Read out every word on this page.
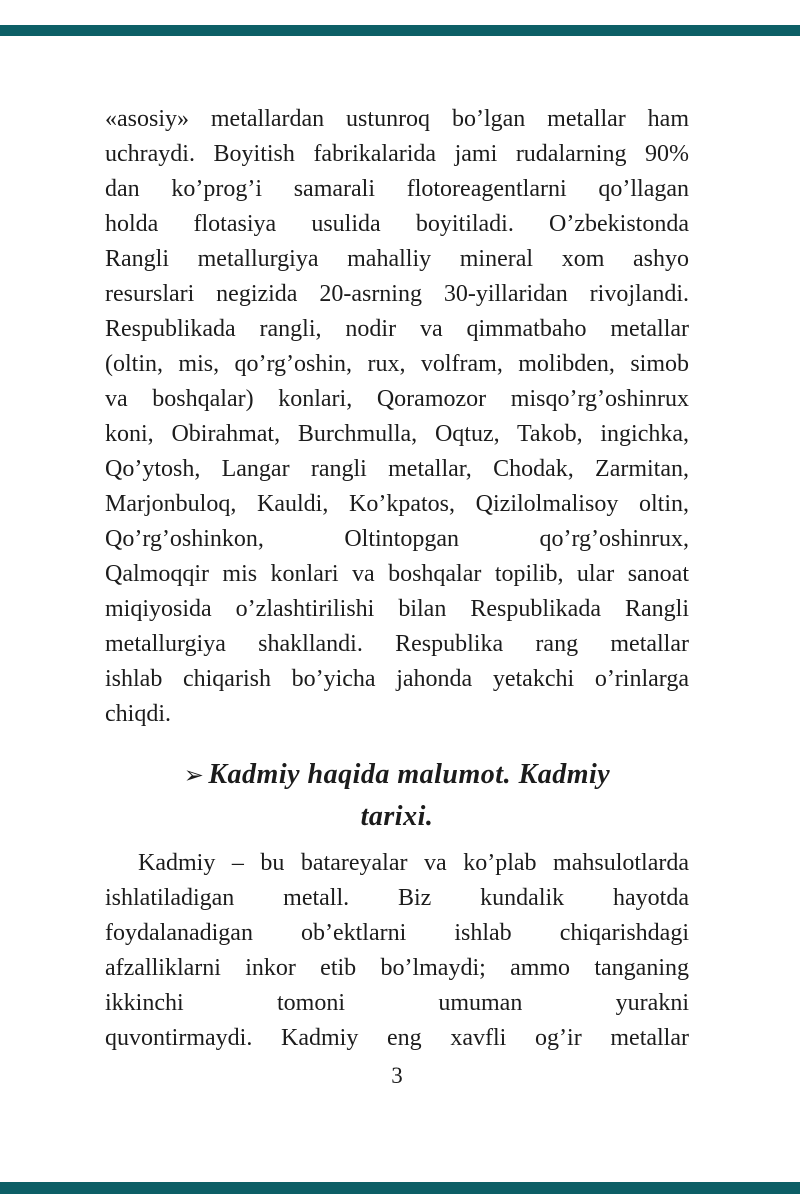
«asosiy» metallardan ustunroq bo’lgan metallar ham
uchraydi. Boyitish fabrikalarida jami rudalarning 90%
dan ko’prog’i samarali flotoreagentlarni qo’llagan
holda flotasiya usulida boyitiladi. O’zbekistonda
Rangli metallurgiya mahalliy mineral xom ashyo
resurslari negizida 20-asrning 30-yillaridan rivojlandi.
Respublikada rangli, nodir va qimmatbaho metallar
(oltin, mis, qo’rg’oshin, rux, volfram, molibden, simob
va boshqalar) konlari, Qoramozor misqo’rg’oshinrux
koni, Obirahmat, Burchmulla, Oqtuz, Takob, ingichka,
Qo’ytosh, Langar rangli metallar, Chodak, Zarmitan,
Marjonbuloq, Kauldi, Ko’kpatos, Qizilolmalisoy oltin,
Qo’rg’oshinkon, Oltintopgan qo’rg’oshinrux,
Qalmoqqir mis konlari va boshqalar topilib, ular sanoat
miqiyosida o’zlashtirilishi bilan Respublikada Rangli
metallurgiya shakllandi. Respublika rang metallar
ishlab chiqarish bo’yicha jahonda yetakchi o’rinlarga
chiqdi.
➢ Kadmiy haqida malumot. Kadmiy
tarixi.
Kadmiy – bu batareyalar va ko’plab mahsulotlarda
ishlatiladigan metall. Biz kundalik hayotda
foydalanadigan ob’ektlarni ishlab chiqarishdagi
afzalliklarni inkor etib bo’lmaydi; ammo tanganing
ikkinchi tomoni umuman yurakni
quvontirmaydi. Kadmiy eng xavfli og’ir metallar
3
